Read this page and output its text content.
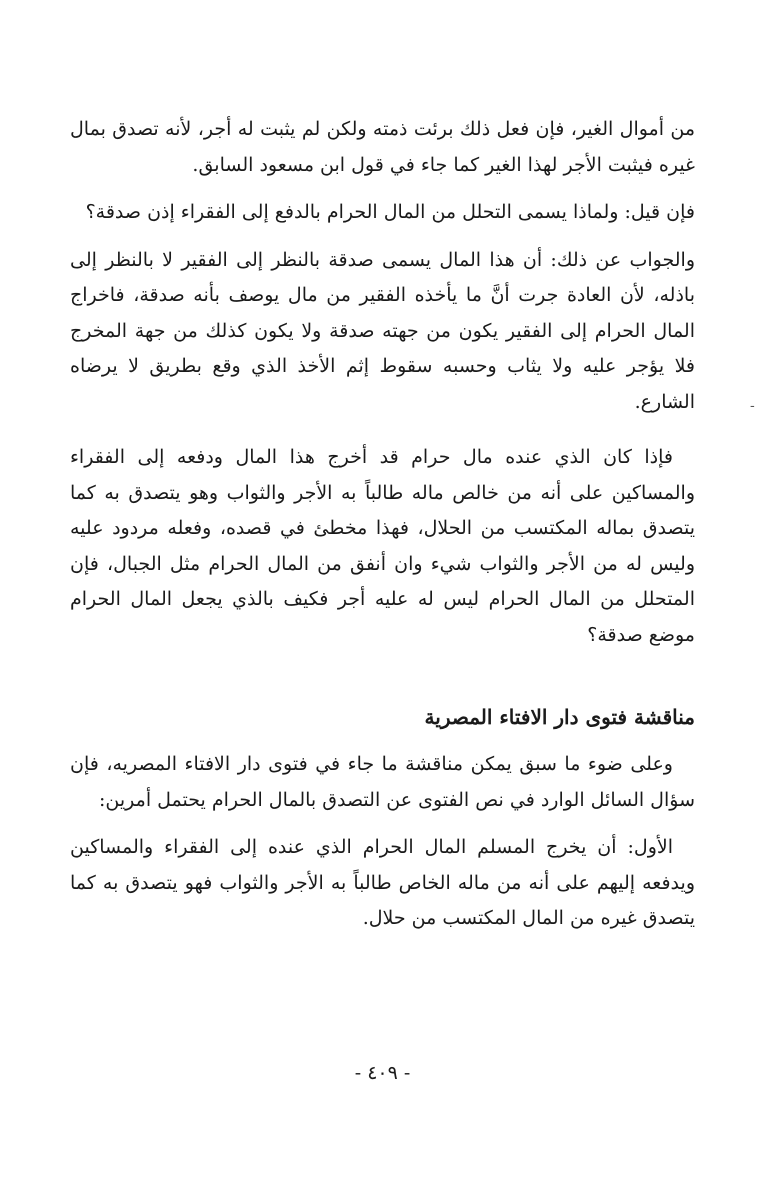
من أموال الغير، فإن فعل ذلك برئت ذمته ولكن لم يثبت له أجر، لأنه تصدق بمال غيره فيثبت الأجر لهذا الغير كما جاء في قول ابن مسعود السابق.

فإن قيل: ولماذا يسمى التحلل من المال الحرام بالدفع إلى الفقراء إذن صدقة؟

والجواب عن ذلك: أن هذا المال يسمى صدقة بالنظر إلى الفقير لا بالنظر إلى باذله، لأن العادة جرت أنَّ ما يأخذه الفقير من مال يوصف بأنه صدقة، فاخراج المال الحرام إلى الفقير يكون من جهته صدقة ولا يكون كذلك من جهة المخرج فلا يؤجر عليه ولا يثاب وحسبه سقوط إثم الأخذ الذي وقع بطريق لا يرضاه الشارع.

فإذا كان الذي عنده مال حرام قد أخرج هذا المال ودفعه إلى الفقراء والمساكين على أنه من خالص ماله طالباً به الأجر والثواب وهو يتصدق به كما يتصدق بماله المكتسب من الحلال، فهذا مخطئ في قصده، وفعله مردود عليه وليس له من الأجر والثواب شيء وان أنفق من المال الحرام مثل الجبال، فإن المتحلل من المال الحرام ليس له عليه أجر فكيف بالذي يجعل المال الحرام موضع صدقة؟

مناقشة فتوى دار الافتاء المصرية

وعلى ضوء ما سبق يمكن مناقشة ما جاء في فتوى دار الافتاء المصريه، فإن سؤال السائل الوارد في نص الفتوى عن التصدق بالمال الحرام يحتمل أمرين:

الأول: أن يخرج المسلم المال الحرام الذي عنده إلى الفقراء والمساكين ويدفعه إليهم على أنه من ماله الخاص طالباً به الأجر والثواب فهو يتصدق به كما يتصدق غيره من المال المكتسب من حلال.

-
- ٤٠٩ -
